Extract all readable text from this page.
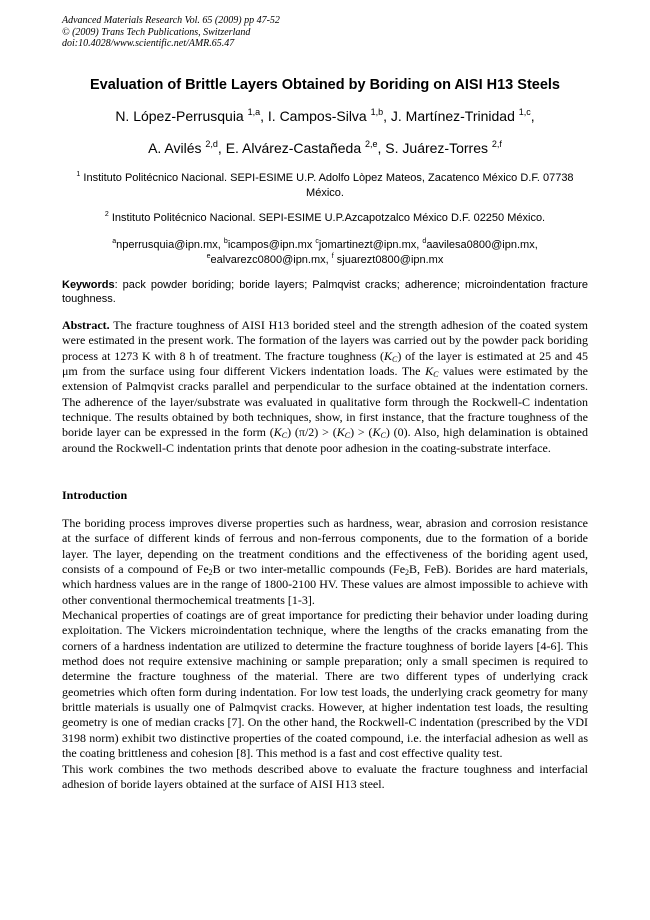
Advanced Materials Research Vol. 65 (2009) pp 47-52
© (2009) Trans Tech Publications, Switzerland
doi:10.4028/www.scientific.net/AMR.65.47
Evaluation of Brittle Layers Obtained by Boriding on AISI H13 Steels
N. López-Perrusquia $^{1,a}$, I. Campos-Silva $^{1,b}$, J. Martínez-Trinidad $^{1,c}$,
A. Avilés $^{2,d}$, E. Alvárez-Castañeda $^{2,e}$, S. Juárez-Torres $^{2,f}$
$^1$ Instituto Politécnico Nacional. SEPI-ESIME U.P. Adolfo Lòpez Mateos, Zacatenco México D.F. 07738 México.
$^2$ Instituto Politécnico Nacional. SEPI-ESIME U.P.Azcapotzalco México D.F. 02250 México.
$^a$nperrusquia@ipn.mx, $^b$icampos@ipn.mx $^c$jomartinezt@ipn.mx, $^d$aavilesa0800@ipn.mx,
$^e$ealvarezc0800@ipn.mx, $^f$ sjuarezt0800@ipn.mx
Keywords: pack powder boriding; boride layers; Palmqvist cracks; adherence; microindentation fracture toughness.
Abstract. The fracture toughness of AISI H13 borided steel and the strength adhesion of the coated system were estimated in the present work. The formation of the layers was carried out by the powder pack boriding process at 1273 K with 8 h of treatment. The fracture toughness $(K_C)$ of the layer is estimated at 25 and 45 μm from the surface using four different Vickers indentation loads. The $K_C$ values were estimated by the extension of Palmqvist cracks parallel and perpendicular to the surface obtained at the indentation corners. The adherence of the layer/substrate was evaluated in qualitative form through the Rockwell-C indentation technique. The results obtained by both techniques, show, in first instance, that the fracture toughness of the boride layer can be expressed in the form $(K_C) (\pi/2) > (K_C) > (K_C)$ (0). Also, high delamination is obtained around the Rockwell-C indentation prints that denote poor adhesion in the coating-substrate interface.
Introduction
The boriding process improves diverse properties such as hardness, wear, abrasion and corrosion resistance at the surface of different kinds of ferrous and non-ferrous components, due to the formation of a boride layer. The layer, depending on the treatment conditions and the effectiveness of the boriding agent used, consists of a compound of $Fe_2B$ or two inter-metallic compounds ($Fe_2B$, FeB). Borides are hard materials, which hardness values are in the range of 1800-2100 HV. These values are almost impossible to achieve with other conventional thermochemical treatments [1-3].
Mechanical properties of coatings are of great importance for predicting their behavior under loading during exploitation. The Vickers microindentation technique, where the lengths of the cracks emanating from the corners of a hardness indentation are utilized to determine the fracture toughness of boride layers [4-6]. This method does not require extensive machining or sample preparation; only a small specimen is required to determine the fracture toughness of the material. There are two different types of underlying crack geometries which often form during indentation. For low test loads, the underlying crack geometry for many brittle materials is usually one of Palmqvist cracks. However, at higher indentation test loads, the resulting geometry is one of median cracks [7]. On the other hand, the Rockwell-C indentation (prescribed by the VDI 3198 norm) exhibit two distinctive properties of the coated compound, i.e. the interfacial adhesion as well as the coating brittleness and cohesion [8]. This method is a fast and cost effective quality test.
This work combines the two methods described above to evaluate the fracture toughness and interfacial adhesion of boride layers obtained at the surface of AISI H13 steel.
